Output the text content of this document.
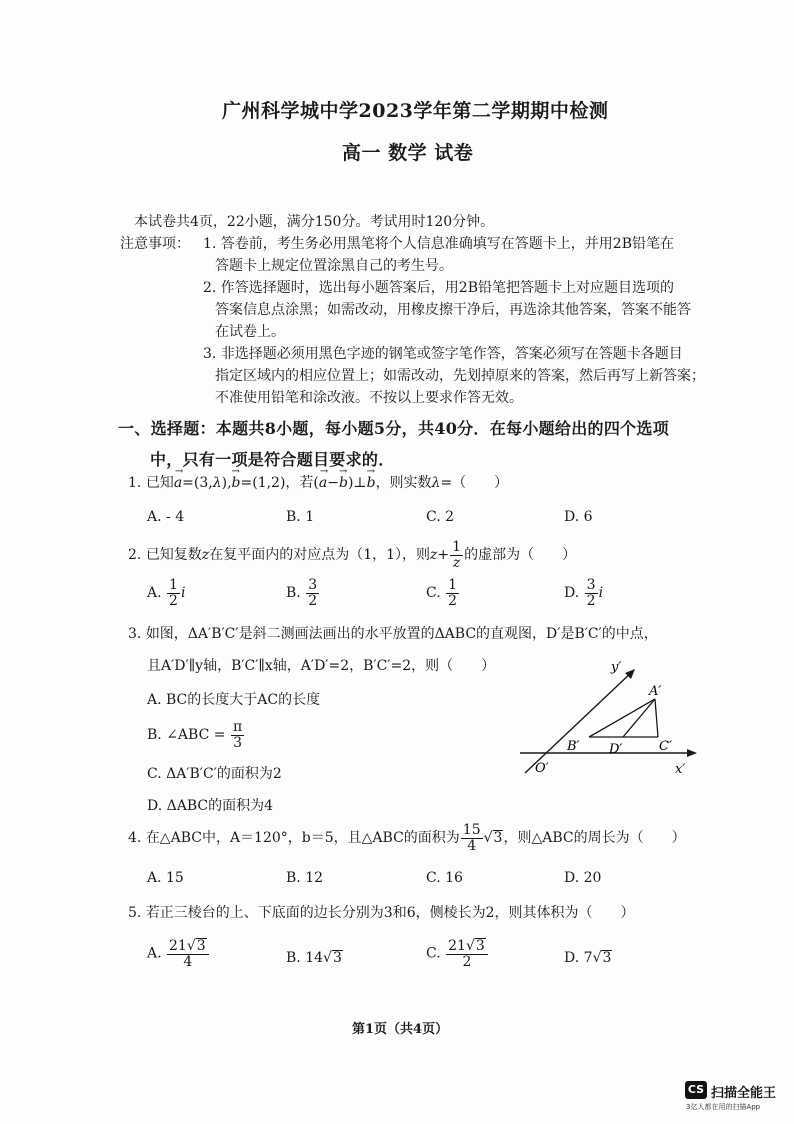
广州科学城中学2023学年第二学期期中检测
高一 数学 试卷
本试卷共4页，22小题，满分150分。考试用时120分钟。
注意事项： 1. 答卷前，考生务必用黑笔将个人信息准确填写在答题卡上，并用2B铅笔在
答题卡上规定位置涂黑自己的考生号。
2. 作答选择题时，选出每小题答案后，用2B铅笔把答题卡上对应题目选项的
答案信息点涂黑；如需改动，用橡皮擦干净后，再选涂其他答案，答案不能答
在试卷上。
3. 非选择题必须用黑色字迹的钢笔或签字笔作答，答案必须写在答题卡各题目
指定区域内的相应位置上；如需改动，先划掉原来的答案，然后再写上新答案；
不准使用铅笔和涂改液。不按以上要求作答无效。
一、选择题：本题共8小题，每小题5分，共40分．在每小题给出的四个选项
中，只有一项是符合题目要求的．
1. 已知
→
a=(3,λ),
→
b=(1,2)，若(
→
a−
→
b)⊥
→
b，则实数λ=（　　）
A. - 4	B. 1	C. 2	D. 6
2. 已知复数z在复平面内的对应点为（1，1），则$z+ \frac{1}{z}$ 的虚部为（　　）
A. $\frac{1}{2}$ i	B. $\frac{3}{2}$	C. $\frac{1}{2}$	D. $\frac{3}{2}$ i
3. 如图，ΔA′B′C′是斜二测画法画出的水平放置的ΔABC的直观图，D′是B′C′的中点，
且A′D′∥y轴，B′C′∥x轴，A′D′=2，B′C′=2，则（　　）
A. BC的长度大于AC的长度
B. ∠ABC = $\frac{\pi}{3}$
C. ΔA′B′C′的面积为2
D. ΔABC的面积为4
y′
x′
O′
A′
B′	C′
D′
4. 在△ABC中，A＝120°，b＝5，且△ABC的面积为 $\frac{15}{4} √3$，则△ABC的周长为（　　）
A. 15	B. 12	C. 16	D. 20
5. 若正三棱台的上、下底面的边长分别为3和6，侧棱长为2，则其体积为（　　）
A. $\frac{21√3}{4}$	B. 14√3	C. $\frac{21√3}{2}$	D. 7√3
第1页（共4页）
CS 扫描全能王
3亿人都在用的扫描App
